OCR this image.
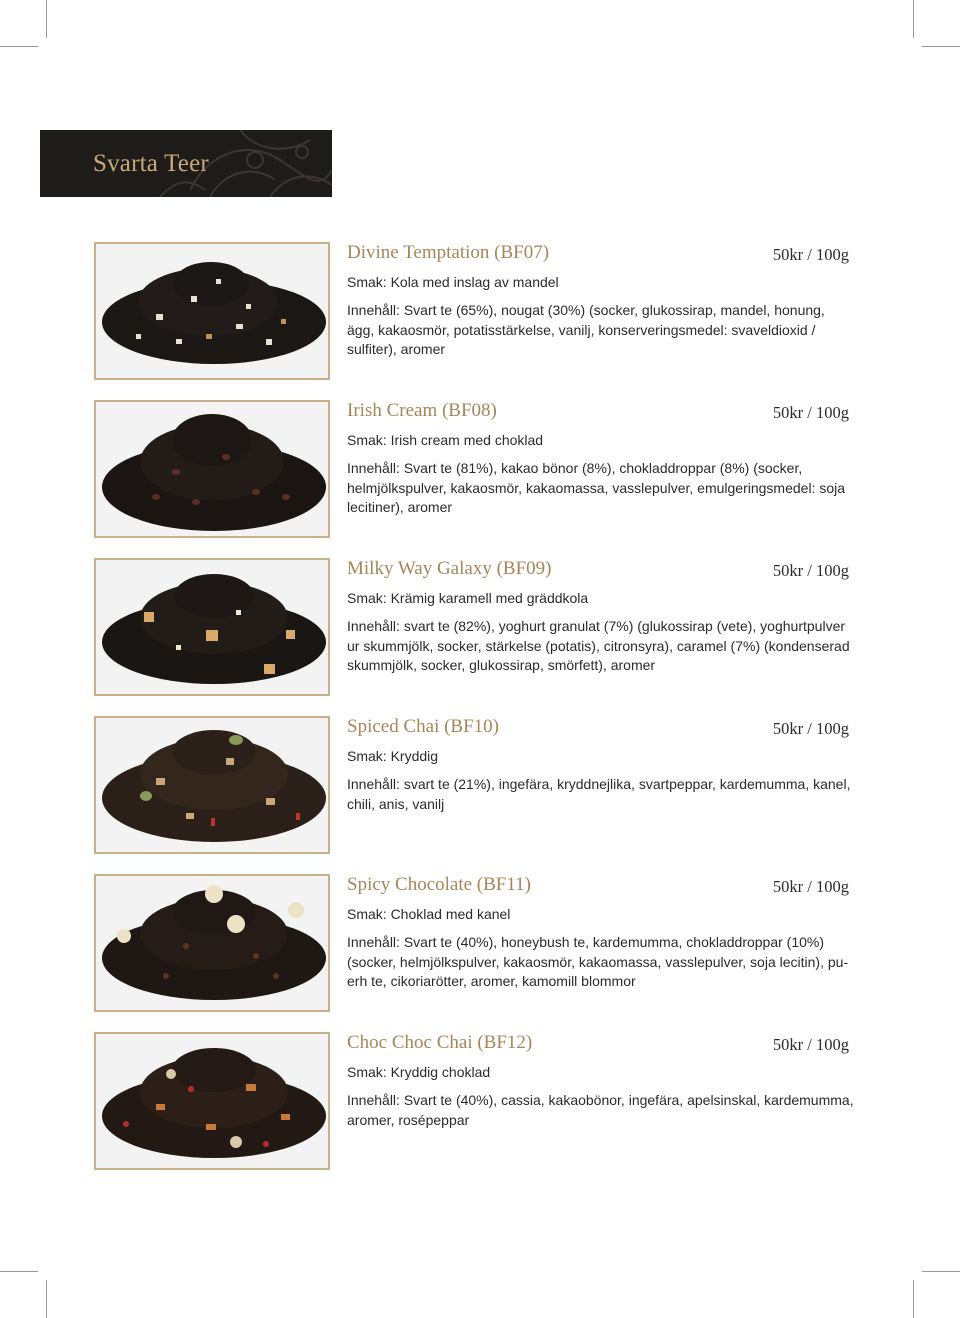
Svarta Teer
Divine Temptation (BF07)	50kr / 100g
Smak: Kola med inslag av mandel
Innehåll: Svart te (65%), nougat (30%) (socker, glukossirap, mandel, honung, ägg, kakaosmör, potatisstärkelse, vanilj, konserveringsmedel: svaveldioxid / sulfiter), aromer
Irish Cream (BF08)	50kr / 100g
Smak: Irish cream med choklad
Innehåll: Svart te (81%), kakao bönor (8%), chokladdroppar (8%) (socker, helmjölkspulver, kakaosmör, kakaomassa, vasslepulver, emulgeringsmedel: soja lecitiner), aromer
Milky Way Galaxy (BF09)	50kr / 100g
Smak: Krämig karamell med gräddkola
Innehåll: svart te (82%), yoghurt granulat (7%) (glukossirap (vete), yoghurtpulver ur skummjölk, socker, stärkelse (potatis), citronsyra), caramel (7%) (kondenserad skummjölk, socker, glukossirap, smörfett), aromer
Spiced Chai (BF10)	50kr / 100g
Smak: Kryddig
Innehåll: svart te (21%), ingefära, kryddnejlika, svartpeppar, kardemumma, kanel, chili, anis, vanilj
Spicy Chocolate (BF11)	50kr / 100g
Smak: Choklad med kanel
Innehåll: Svart te (40%), honeybush te, kardemumma, chokladdroppar (10%) (socker, helmjölkspulver, kakaosmör, kakaomassa, vasslepulver, soja lecitin), pu-erh te, cikoriarötter, aromer, kamomill blommor
Choc Choc Chai (BF12)	50kr / 100g
Smak: Kryddig choklad
Innehåll: Svart te (40%), cassia, kakaobönor, ingefära, apelsinskal, kardemumma, aromer, rosépeppar
